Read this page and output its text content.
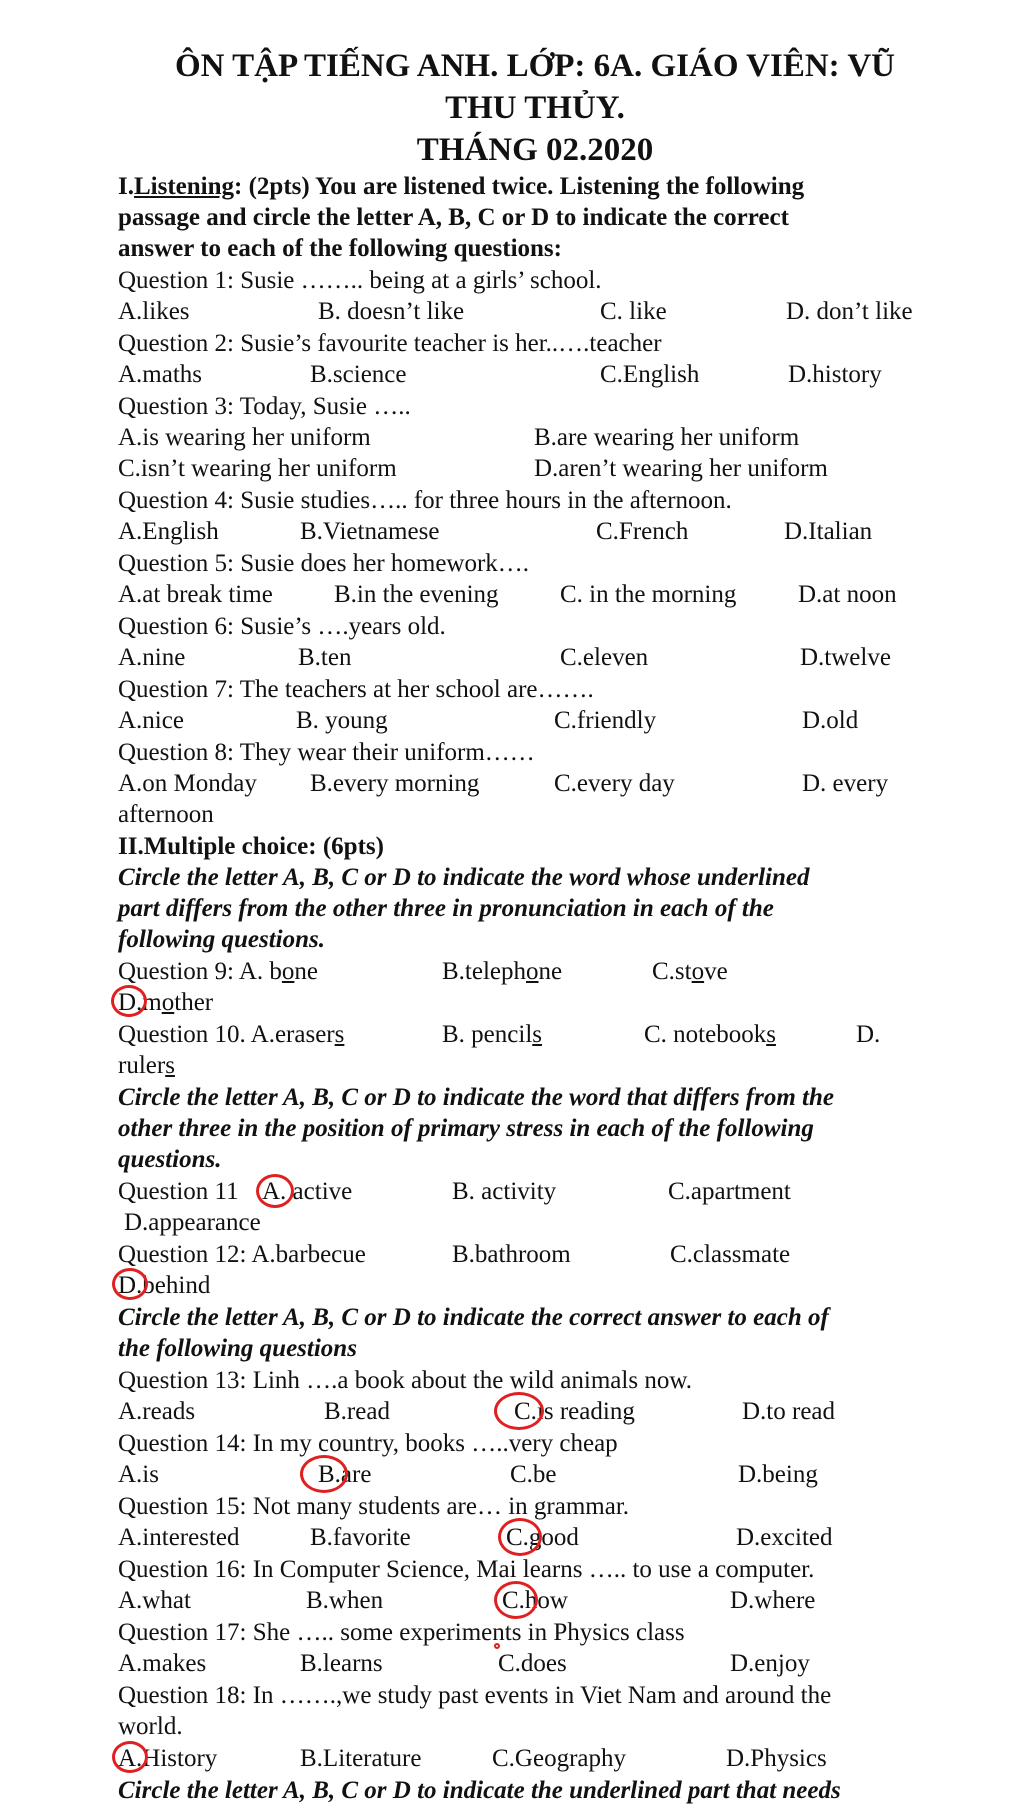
ÔN TẬP TIẾNG ANH. LỚP: 6A. GIÁO VIÊN: VŨ
THU THỦY.
THÁNG 02.2020
I.Listening: (2pts) You are listened twice. Listening the following
passage and circle the letter A, B, C or D to indicate the correct
answer to each of the following questions:
Question 1: Susie …….. being at a girls’ school.
A.likes	B. doesn’t like	C. like	D. don’t like
Question 2: Susie’s favourite teacher is her..….teacher
A.maths	B.science	C.English	D.history
Question 3: Today, Susie …..
A.is wearing her uniform	B.are wearing her uniform
C.isn’t wearing her uniform	D.aren’t wearing her uniform
Question 4: Susie studies….. for three hours in the afternoon.
A.English	B.Vietnamese	C.French	D.Italian
Question 5: Susie does her homework….
A.at break time B.in the evening C. in the morning D.at noon
Question 6: Susie’s ….years old.
A.nine	B.ten	C.eleven	D.twelve
Question 7: The teachers at her school are…….
A.nice	B. young	C.friendly	D.old
Question 8: They wear their uniform……
A.on Monday B.every morning	C.every day	D. every
afternoon
II.Multiple choice: (6pts)
Circle the letter A, B, C or D to indicate the word whose underlined
part differs from the other three in pronunciation in each of the
following questions.
Question 9: A. bone	B.telephone	C.stove
D.mother
Question 10. A.erasers	B. pencils	C. notebooks	D.
rulers
Circle the letter A, B, C or D to indicate the word that differs from the
other three in the position of primary stress in each of the following
questions.
Question 11 A. active	B. activity	C.apartment
D.appearance
Question 12: A.barbecue	B.bathroom	C.classmate
D.behind
Circle the letter A, B, C or D to indicate the correct answer to each of
the following questions
Question 13: Linh ….a book about the wild animals now.
A.reads	B.read	C.is reading	D.to read
Question 14: In my country, books …..very cheap
A.is	B.are	C.be	D.being
Question 15: Not many students are… in grammar.
A.interested	B.favorite	C.good	D.excited
Question 16: In Computer Science, Mai learns ….. to use a computer.
A.what	B.when	C.how	D.where
Question 17: She ….. some experiments in Physics class
A.makes	B.learns	C.does	D.enjoy
Question 18: In …….,we study past events in Viet Nam and around the
world.
A.History	B.Literature	C.Geography	D.Physics
Circle the letter A, B, C or D to indicate the underlined part that needs
